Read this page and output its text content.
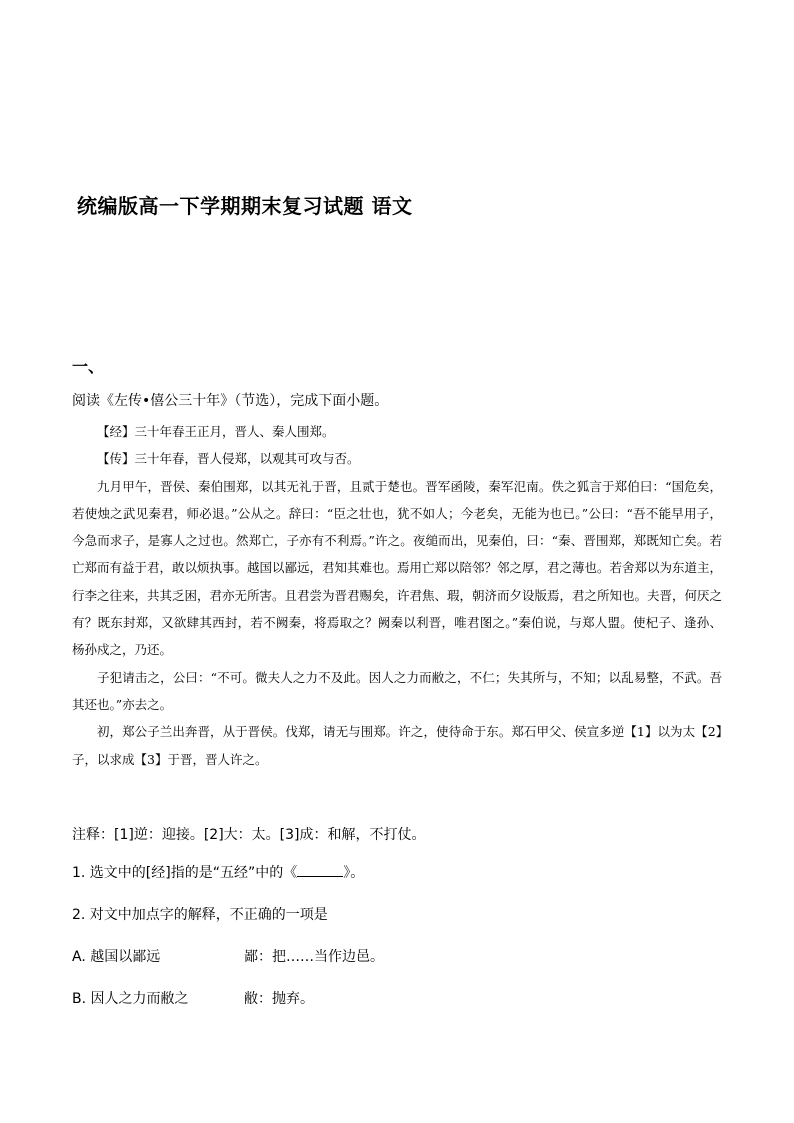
统编版高一下学期期末复习试题 语文
一、
阅读《左传•僖公三十年》（节选），完成下面小题。

【经】三十年春王正月，晋人、秦人围郑。

【传】三十年春，晋人侵郑，以观其可攻与否。

九月甲午，晋侯、秦伯围郑，以其无礼于晋，且贰于楚也。晋军函陵，秦军氾南。佚之狐言于郑伯曰：“国危矣，若使烛之武见秦君，师必退。”公从之。辞曰：“臣之壮也，犹不如人；今老矣，无能为也已。”公曰：“吾不能早用子，今急而求子，是寡人之过也。然郑亡，子亦有不利焉。”许之。夜缒而出，见秦伯，曰：“秦、晋围郑，郑既知亡矣。若亡郑而有益于君，敢以烦执事。越国以鄙远，君知其难也。焉用亡郑以陪邻？邻之厚，君之薄也。若舍郑以为东道主，行李之往来，共其乏困，君亦无所害。且君尝为晋君赐矣，许君焦、瑕，朝济而夕设版焉，君之所知也。夫晋，何厌之有？既东封郑，又欲肆其西封，若不阙秦，将焉取之？阙秦以利晋，唯君图之。”秦伯说，与郑人盟。使杞子、逢孙、杨孙戍之，乃还。

子犯请击之，公曰：“不可。微夫人之力不及此。因人之力而敝之，不仁；失其所与，不知；以乱易整，不武。吾其还也。”亦去之。

初，郑公子兰出奔晋，从于晋侯。伐郑，请无与围郑。许之，使待命于东。郑石甲父、侯宣多逆【1】以为太【2】子，以求成【3】于晋，晋人许之。

注释：[1]逆：迎接。[2]大：太。[3]成：和解，不打仗。
1. 选文中的[经]指的是“五经”中的《	》。
2. 对文中加点字的解释，不正确的一项是
A. 越国以鄙远	鄙：把……当作边邑。
B. 因人之力而敝之	敝：抛弃。
